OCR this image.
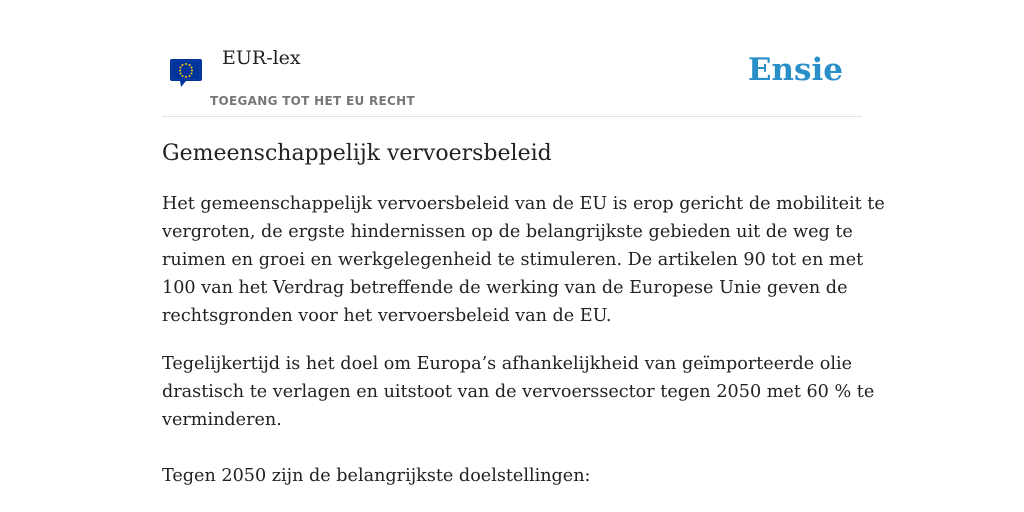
EUR-lex
TOEGANG TOT HET EU RECHT
Ensie
Gemeenschappelijk vervoersbeleid

Het gemeenschappelijk vervoersbeleid van de EU is erop gericht de mobiliteit te
vergroten, de ergste hindernissen op de belangrijkste gebieden uit de weg te
ruimen en groei en werkgelegenheid te stimuleren. De artikelen 90 tot en met
100 van het Verdrag betreffende de werking van de Europese Unie geven de
rechtsgronden voor het vervoersbeleid van de EU.

Tegelijkertijd is het doel om Europa’s afhankelijkheid van geïmporteerde olie
drastisch te verlagen en uitstoot van de vervoerssector tegen 2050 met 60 % te
verminderen.

Tegen 2050 zijn de belangrijkste doelstellingen:
